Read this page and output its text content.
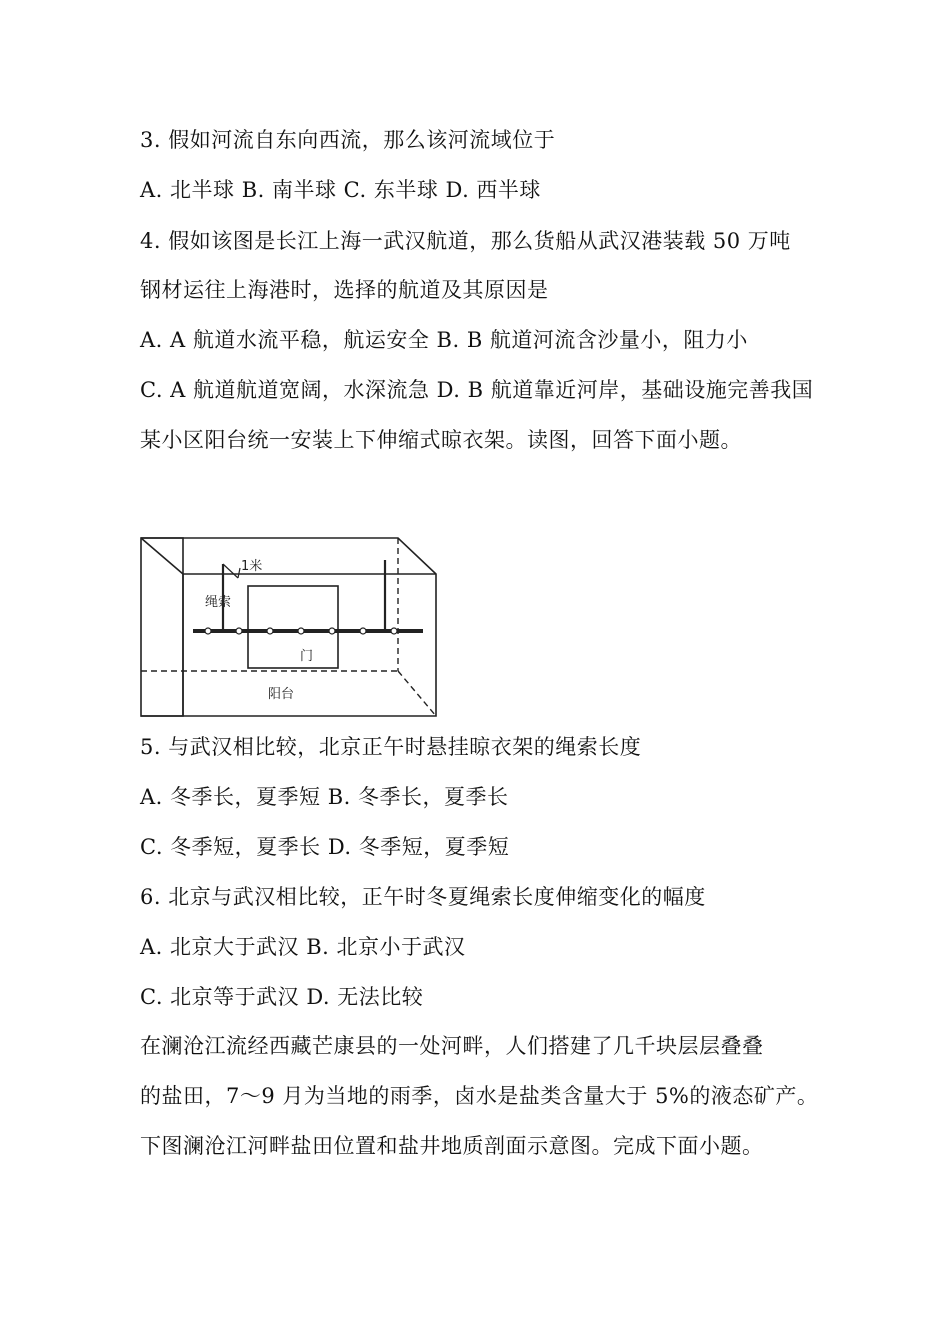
3. 假如河流自东向西流，那么该河流域位于
A. 北半球 B. 南半球 C. 东半球 D. 西半球
4. 假如该图是长江上海一武汉航道，那么货船从武汉港装载 50 万吨
钢材运往上海港时，选择的航道及其原因是
A. A 航道水流平稳，航运安全 B. B 航道河流含沙量小，阻力小
C. A 航道航道宽阔，水深流急 D. B 航道靠近河岸，基础设施完善我国
某小区阳台统一安装上下伸缩式晾衣架。读图，回答下面小题。
1米
绳索
门
阳台
5. 与武汉相比较，北京正午时悬挂晾衣架的绳索长度
A. 冬季长，夏季短 B. 冬季长，夏季长
C. 冬季短，夏季长 D. 冬季短，夏季短
6. 北京与武汉相比较，正午时冬夏绳索长度伸缩变化的幅度
A. 北京大于武汉 B. 北京小于武汉
C. 北京等于武汉 D. 无法比较
在澜沧江流经西藏芒康县的一处河畔，人们搭建了几千块层层叠叠
的盐田，7～9 月为当地的雨季，卤水是盐类含量大于 5%的液态矿产。
下图澜沧江河畔盐田位置和盐井地质剖面示意图。完成下面小题。
